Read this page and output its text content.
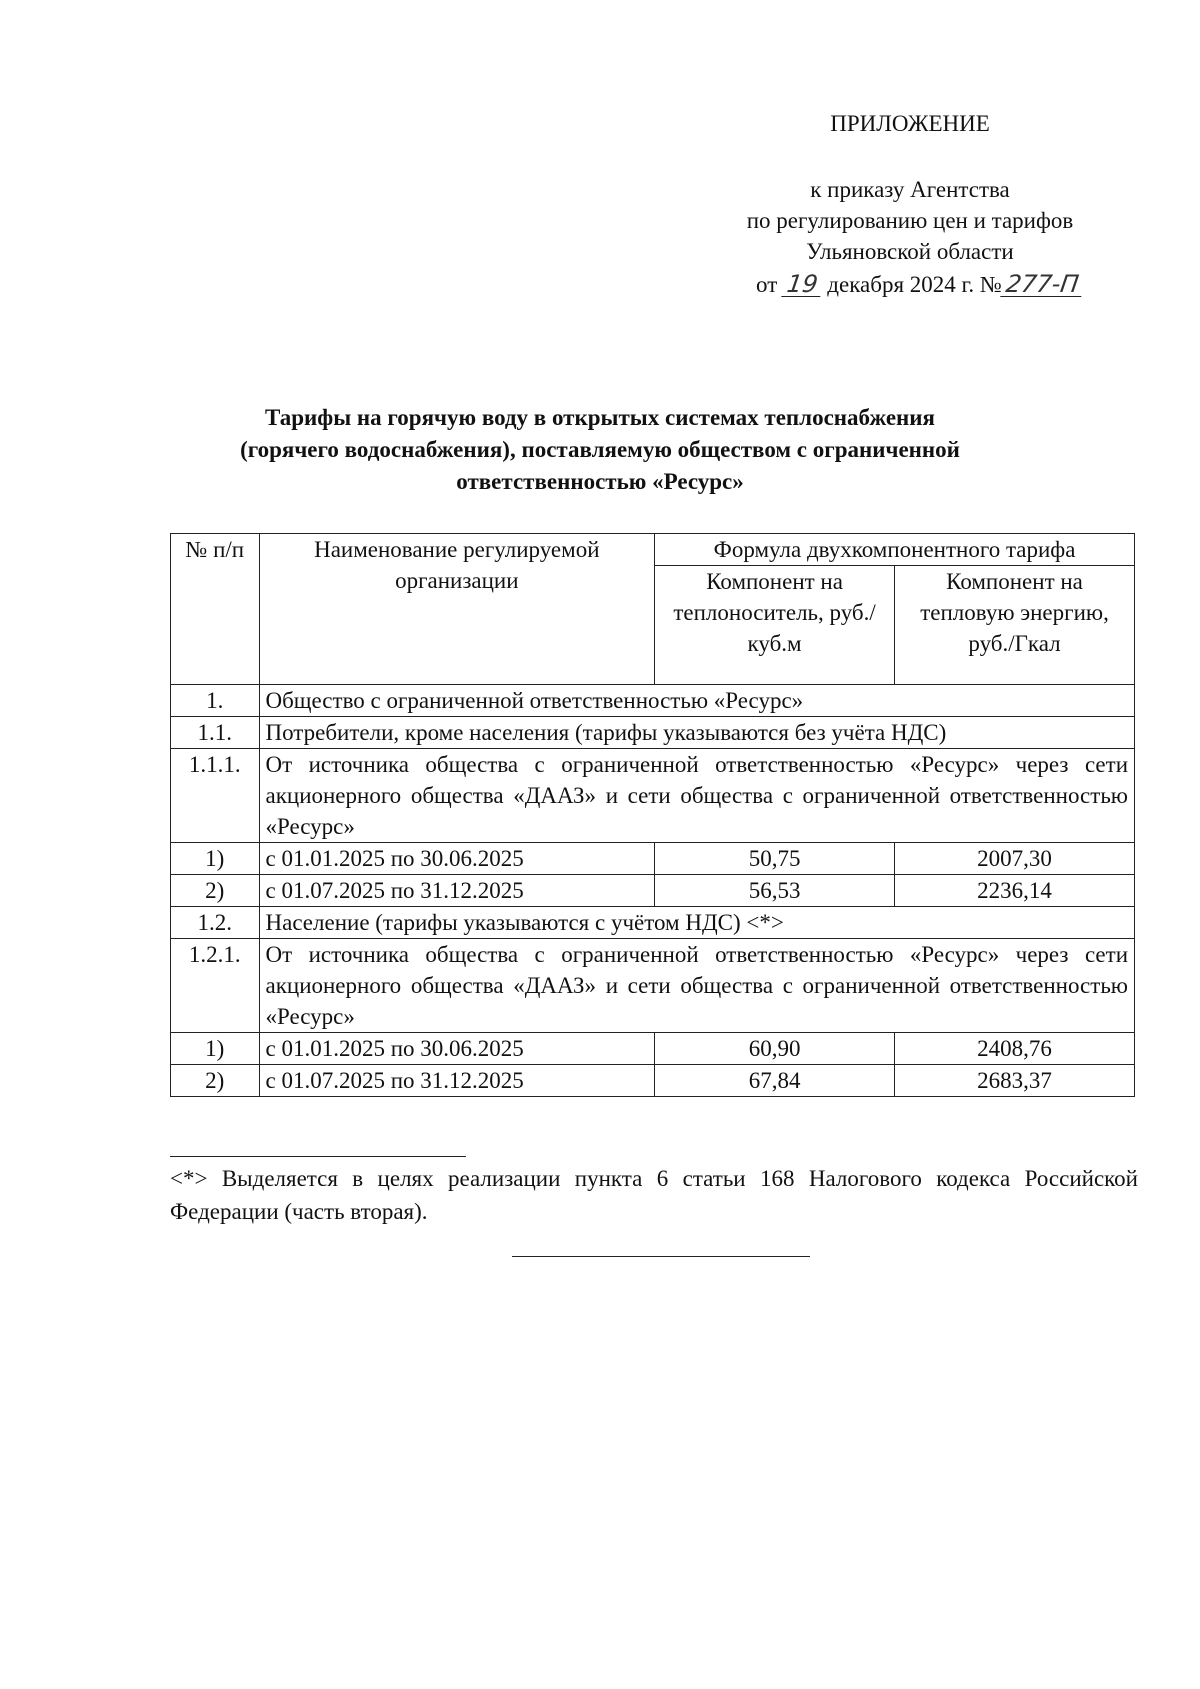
ПРИЛОЖЕНИЕ
к приказу Агентства
по регулированию цен и тарифов
Ульяновской области
от 19 декабря 2024 г. №277-П
Тарифы на горячую воду в открытых системах теплоснабжения
(горячего водоснабжения), поставляемую обществом с ограниченной
ответственностью «Ресурс»
№ п/п	Наименование регулируемой организации	Формула двухкомпонентного тарифа	
		Компонент на теплоноситель, руб./куб.м	Компонент на тепловую энергию, руб./Гкал
1.	Общество с ограниченной ответственностью «Ресурс»		
1.1.	Потребители, кроме населения (тарифы указываются без учёта НДС)		
1.1.1.	От источника общества с ограниченной ответственностью «Ресурс» через сети акционерного общества «ДААЗ» и сети общества с ограниченной ответственностью «Ресурс»		
1)	с 01.01.2025 по 30.06.2025	50,75	2007,30
2)	с 01.07.2025 по 31.12.2025	56,53	2236,14
1.2.	Население (тарифы указываются с учётом НДС) <*>		
1.2.1.	От источника общества с ограниченной ответственностью «Ресурс» через сети акционерного общества «ДААЗ» и сети общества с ограниченной ответственностью «Ресурс»		
1)	с 01.01.2025 по 30.06.2025	60,90	2408,76
2)	с 01.07.2025 по 31.12.2025	67,84	2683,37
<*> Выделяется в целях реализации пункта 6 статьи 168 Налогового кодекса Российской Федерации (часть вторая).
